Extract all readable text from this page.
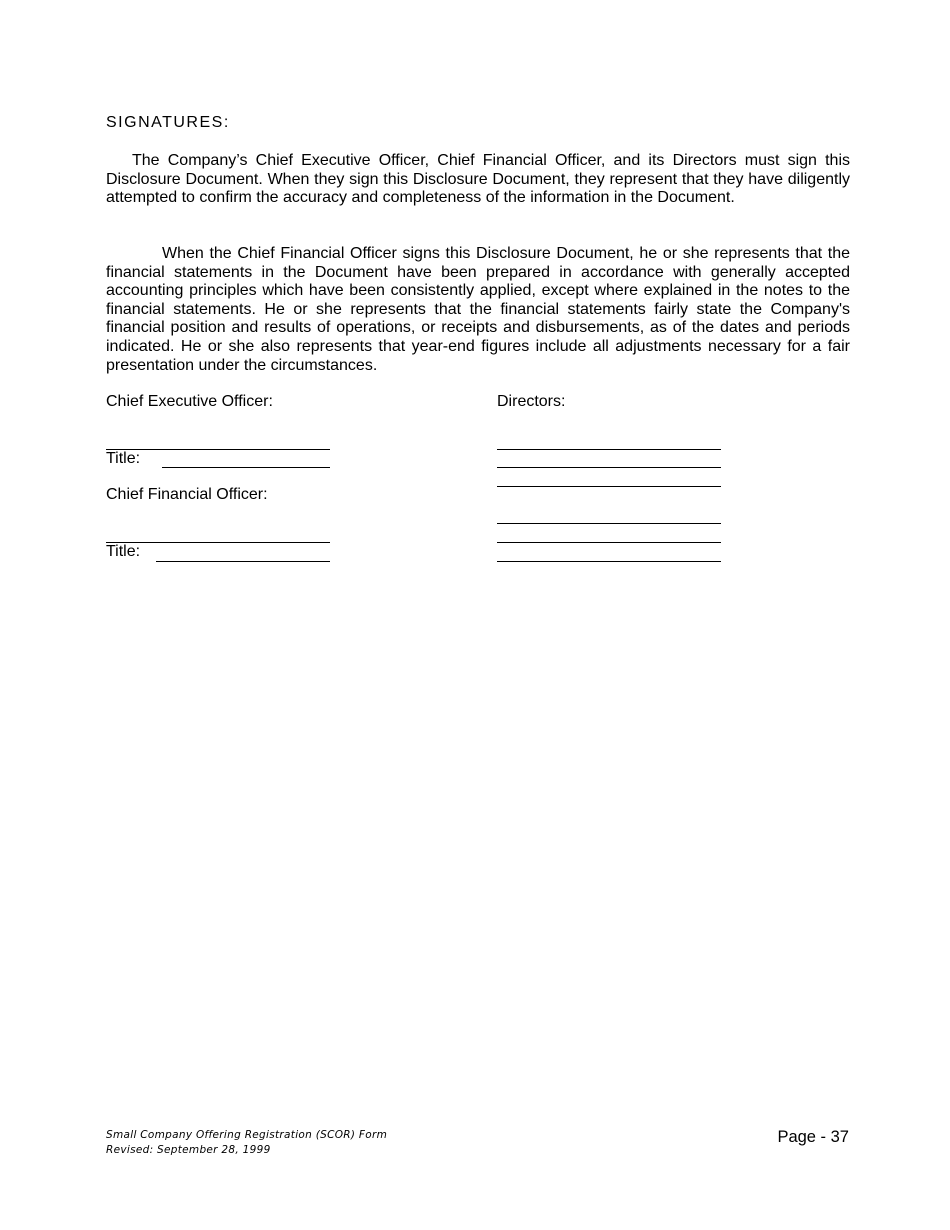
SIGNATURES:

The Company’s Chief Executive Officer, Chief Financial Officer, and its Directors must sign this Disclosure Document. When they sign this Disclosure Document, they represent that they have diligently attempted to confirm the accuracy and completeness of the information in the Document.

When the Chief Financial Officer signs this Disclosure Document, he or she represents that the financial statements in the Document have been prepared in accordance with generally accepted accounting principles which have been consistently applied, except where explained in the notes to the financial statements. He or she represents that the financial statements fairly state the Company's financial position and results of operations, or receipts and disbursements, as of the dates and periods indicated. He or she also represents that year-end figures include all adjustments necessary for a fair presentation under the circumstances.

Chief Executive Officer:
Title:
Chief Financial Officer:
Title:
Directors:
Small Company Offering Registration (SCOR) Form
Revised: September 28, 1999
Page - 37
